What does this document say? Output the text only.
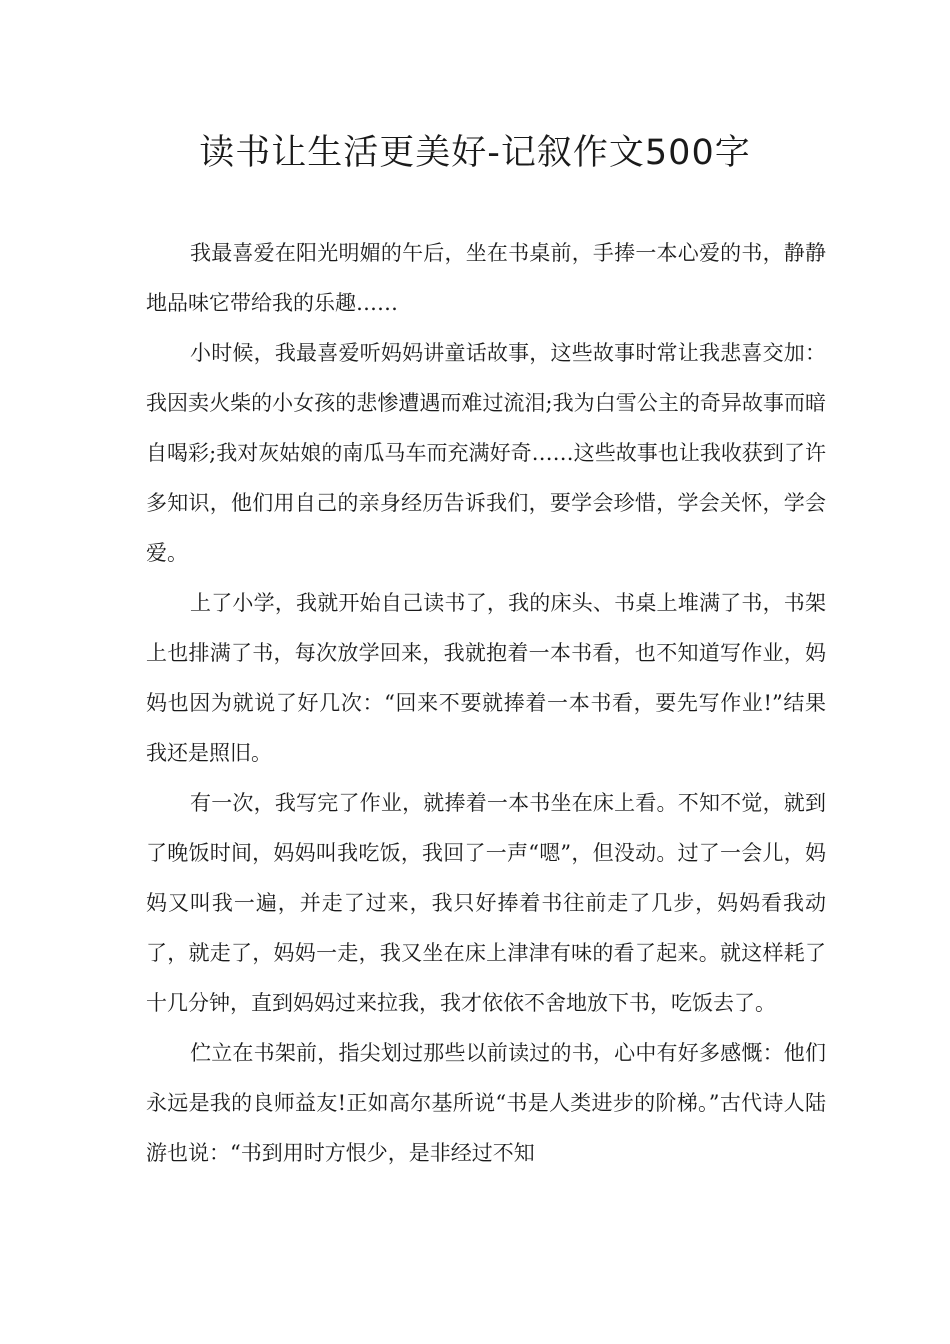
读书让生活更美好-记叙作文500字

我最喜爱在阳光明媚的午后，坐在书桌前，手捧一本心爱的书，静静地品味它带给我的乐趣……

小时候，我最喜爱听妈妈讲童话故事，这些故事时常让我悲喜交加：我因卖火柴的小女孩的悲惨遭遇而难过流泪;我为白雪公主的奇异故事而暗自喝彩;我对灰姑娘的南瓜马车而充满好奇……这些故事也让我收获到了许多知识，他们用自己的亲身经历告诉我们，要学会珍惜，学会关怀，学会爱。

上了小学，我就开始自己读书了，我的床头、书桌上堆满了书，书架上也排满了书，每次放学回来，我就抱着一本书看，也不知道写作业，妈妈也因为就说了好几次：“回来不要就捧着一本书看，要先写作业!”结果我还是照旧。

有一次，我写完了作业，就捧着一本书坐在床上看。不知不觉，就到了晚饭时间，妈妈叫我吃饭，我回了一声“嗯”，但没动。过了一会儿，妈妈又叫我一遍，并走了过来，我只好捧着书往前走了几步，妈妈看我动了，就走了，妈妈一走，我又坐在床上津津有味的看了起来。就这样耗了十几分钟，直到妈妈过来拉我，我才依依不舍地放下书，吃饭去了。

伫立在书架前，指尖划过那些以前读过的书，心中有好多感慨：他们永远是我的良师益友!正如高尔基所说“书是人类进步的阶梯。”古代诗人陆游也说：“书到用时方恨少，是非经过不知
